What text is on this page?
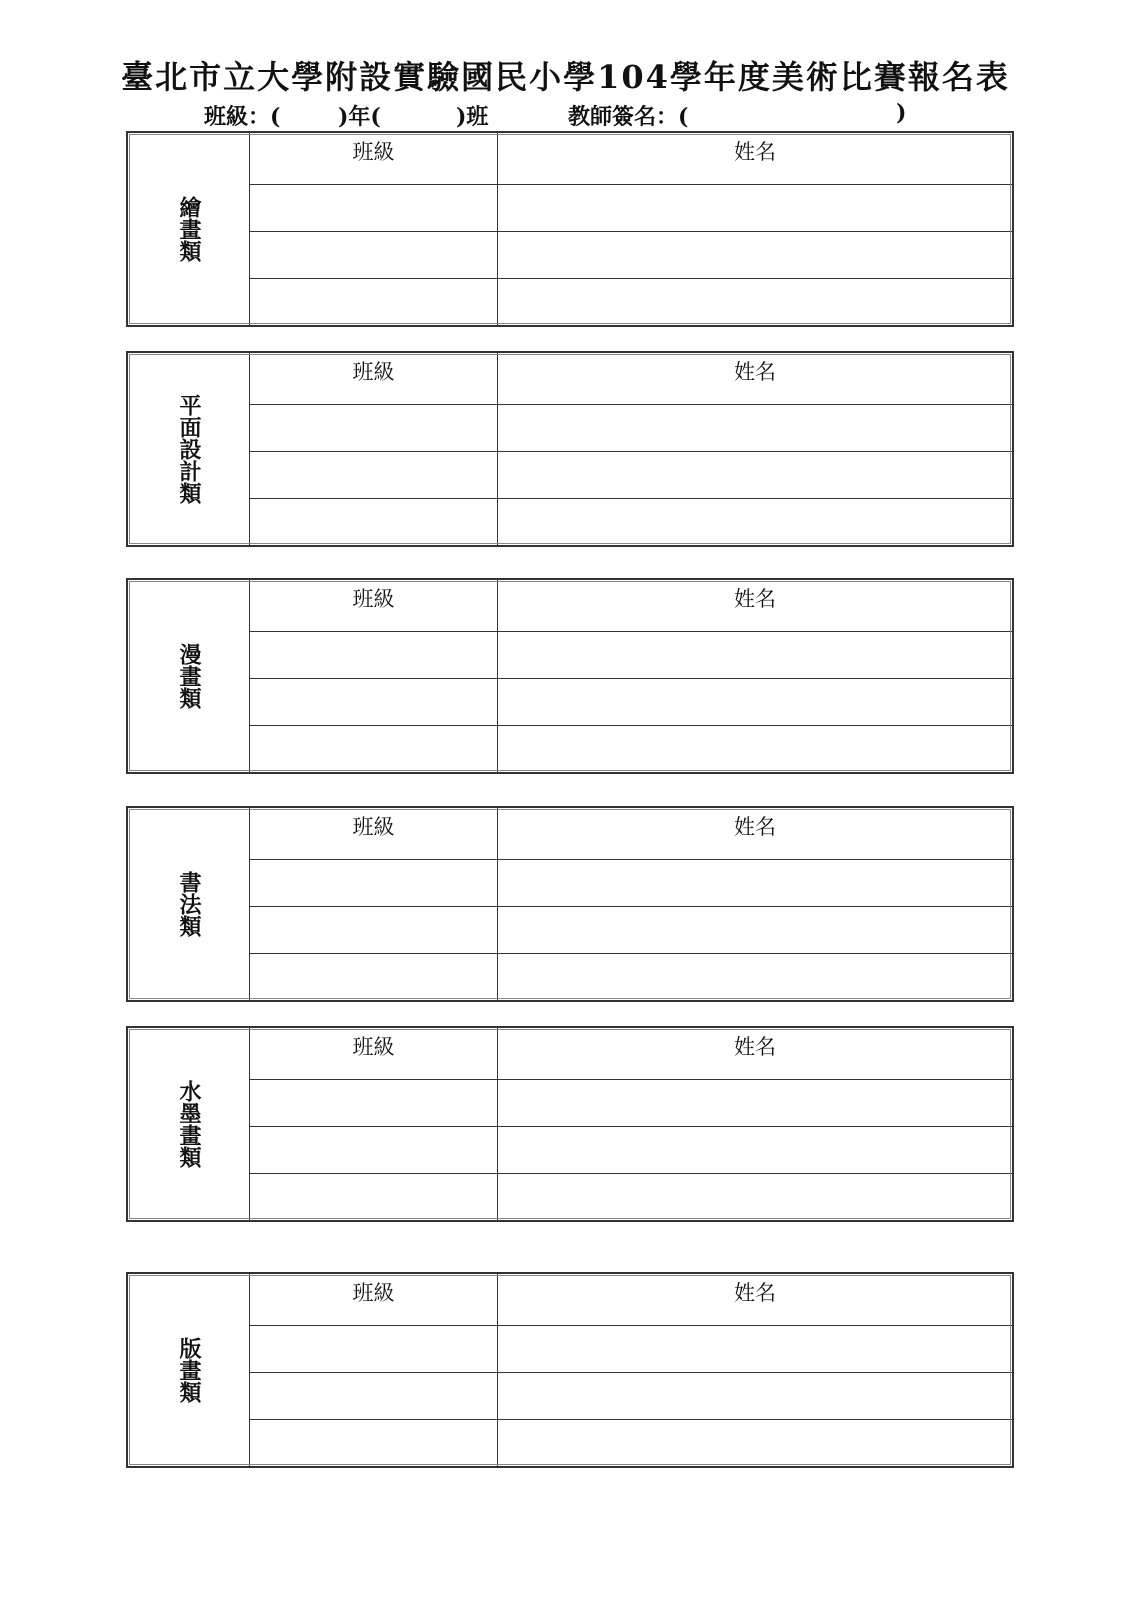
臺北市立大學附設實驗國民小學104學年度美術比賽報名表
班級：(	)年(	)班	教師簽名：(	)
繪畫類
班級	姓名
平面設計類
班級	姓名
漫畫類
班級	姓名
書法類
班級	姓名
水墨畫類
班級	姓名
版畫類
班級	姓名
